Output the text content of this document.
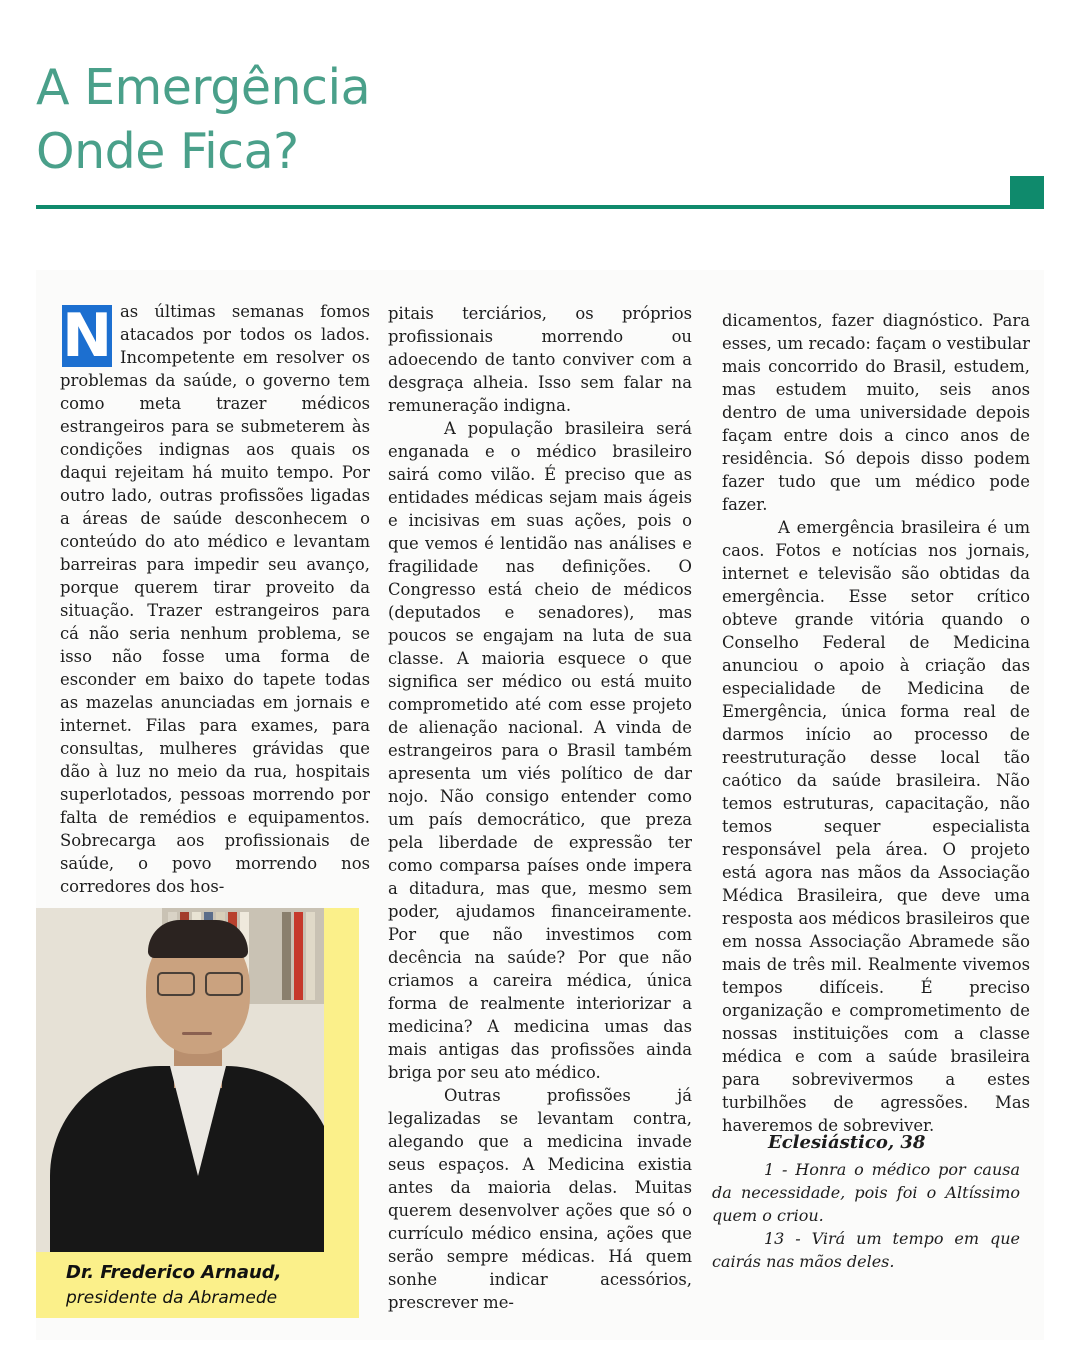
A Emergência
Onde Fica?
N as últimas semanas fomos atacados por todos os lados. Incompetente em resolver os problemas da saúde, o governo tem como meta trazer médicos estrangeiros para se submeterem às condições indignas aos quais os daqui rejeitam há muito tempo. Por outro lado, outras profissões ligadas a áreas de saúde desconhecem o conteúdo do ato médico e levantam barreiras para impedir seu avanço, porque querem tirar proveito da situação. Trazer estrangeiros para cá não seria nenhum problema, se isso não fosse uma forma de esconder em baixo do tapete todas as mazelas anunciadas em jornais e internet. Filas para exames, para consultas, mulheres grávidas que dão à luz no meio da rua, hospitais superlotados, pessoas morrendo por falta de remédios e equipamentos. Sobrecarga aos profissionais de saúde, o povo morrendo nos corredores dos hos-

pitais terciários, os próprios profissionais morrendo ou adoecendo de tanto conviver com a desgraça alheia. Isso sem falar na remuneração indigna.

A população brasileira será enganada e o médico brasileiro sairá como vilão. É preciso que as entidades médicas sejam mais ágeis e incisivas em suas ações, pois o que vemos é lentidão nas análises e fragilidade nas definições. O Congresso está cheio de médicos (deputados e senadores), mas poucos se engajam na luta de sua classe. A maioria esquece o que significa ser médico ou está muito comprometido até com esse projeto de alienação nacional. A vinda de estrangeiros para o Brasil também apresenta um viés político de dar nojo. Não consigo entender como um país democrático, que preza pela liberdade de expressão ter como comparsa países onde impera a ditadura, mas que, mesmo sem poder, ajudamos financeiramente. Por que não investimos com decência na saúde? Por que não criamos a careira médica, única forma de realmente interiorizar a medicina? A medicina umas das mais antigas das profissões ainda briga por seu ato médico.

Outras profissões já legalizadas se levantam contra, alegando que a medicina invade seus espaços. A Medicina existia antes da maioria delas. Muitas querem desenvolver ações que só o currículo médico ensina, ações que serão sempre médicas. Há quem sonhe indicar acessórios, prescrever me-

dicamentos, fazer diagnóstico. Para esses, um recado: façam o vestibular mais concorrido do Brasil, estudem, mas estudem muito, seis anos dentro de uma universidade depois façam entre dois a cinco anos de residência. Só depois disso podem fazer tudo que um médico pode fazer.

A emergência brasileira é um caos. Fotos e notícias nos jornais, internet e televisão são obtidas da emergência. Esse setor crítico obteve grande vitória quando o Conselho Federal de Medicina anunciou o apoio à criação das especialidade de Medicina de Emergência, única forma real de darmos início ao processo de reestruturação desse local tão caótico da saúde brasileira. Não temos estruturas, capacitação, não temos sequer especialista responsável pela área. O projeto está agora nas mãos da Associação Médica Brasileira, que deve uma resposta aos médicos brasileiros que em nossa Associação Abramede são mais de três mil. Realmente vivemos tempos difíceis. É preciso organização e comprometimento de nossas instituições com a classe médica e com a saúde brasileira para sobrevivermos a estes turbilhões de agressões. Mas haveremos de sobreviver.

Eclesiástico, 38

1 - Honra o médico por causa da necessidade, pois foi o Altíssimo quem o criou.

13 - Virá um tempo em que cairás nas mãos deles.

Dr. Frederico Arnaud,

presidente da Abramede
